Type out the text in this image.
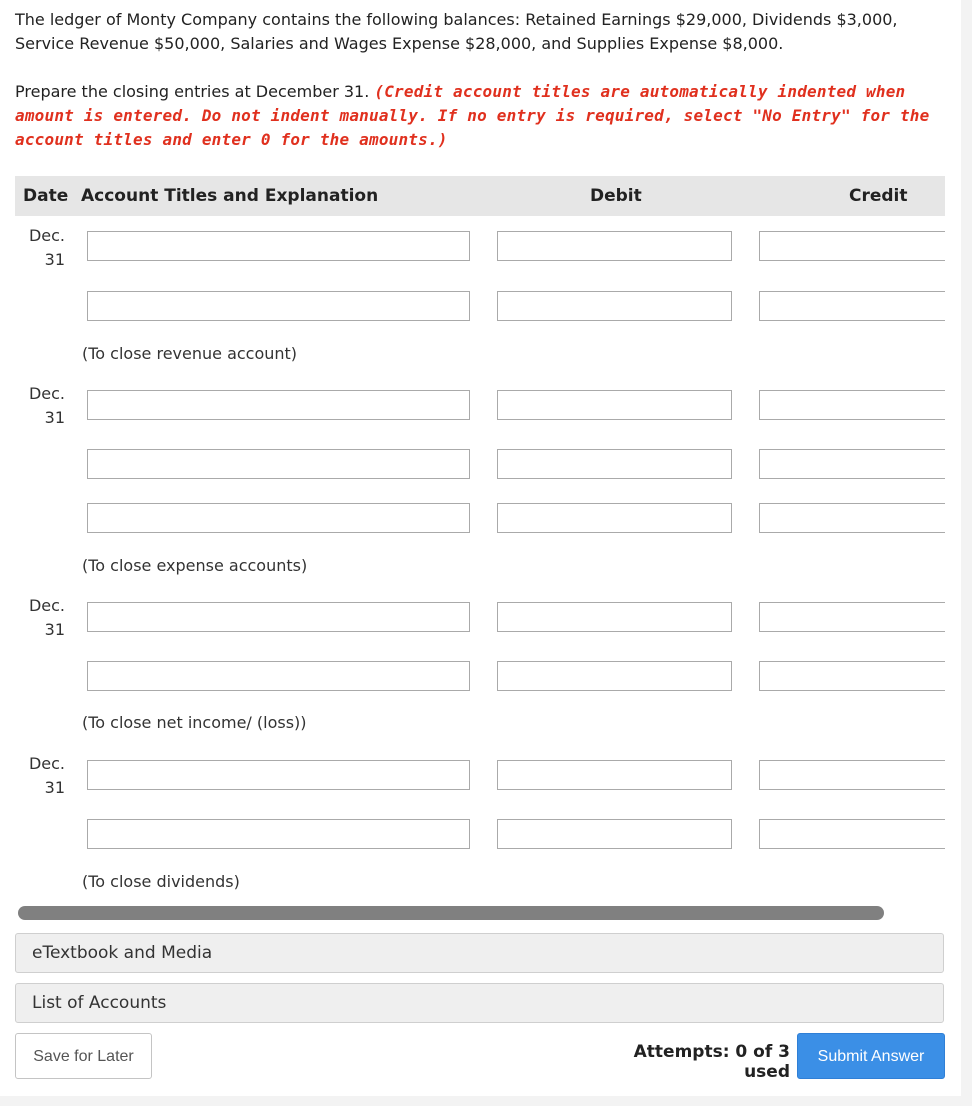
The ledger of Monty Company contains the following balances: Retained Earnings $29,000, Dividends $3,000, Service Revenue $50,000, Salaries and Wages Expense $28,000, and Supplies Expense $8,000.
Prepare the closing entries at December 31. (Credit account titles are automatically indented when amount is entered. Do not indent manually. If no entry is required, select "No Entry" for the account titles and enter 0 for the amounts.)
Date Account Titles and Explanation	Debit	Credit
Dec.
31
(To close revenue account)
Dec.
31
(To close expense accounts)
Dec.
31
(To close net income/ (loss))
Dec.
31
(To close dividends)
eTextbook and Media
List of Accounts
Save for Later	Attempts: 0 of 3 used
Submit Answer
